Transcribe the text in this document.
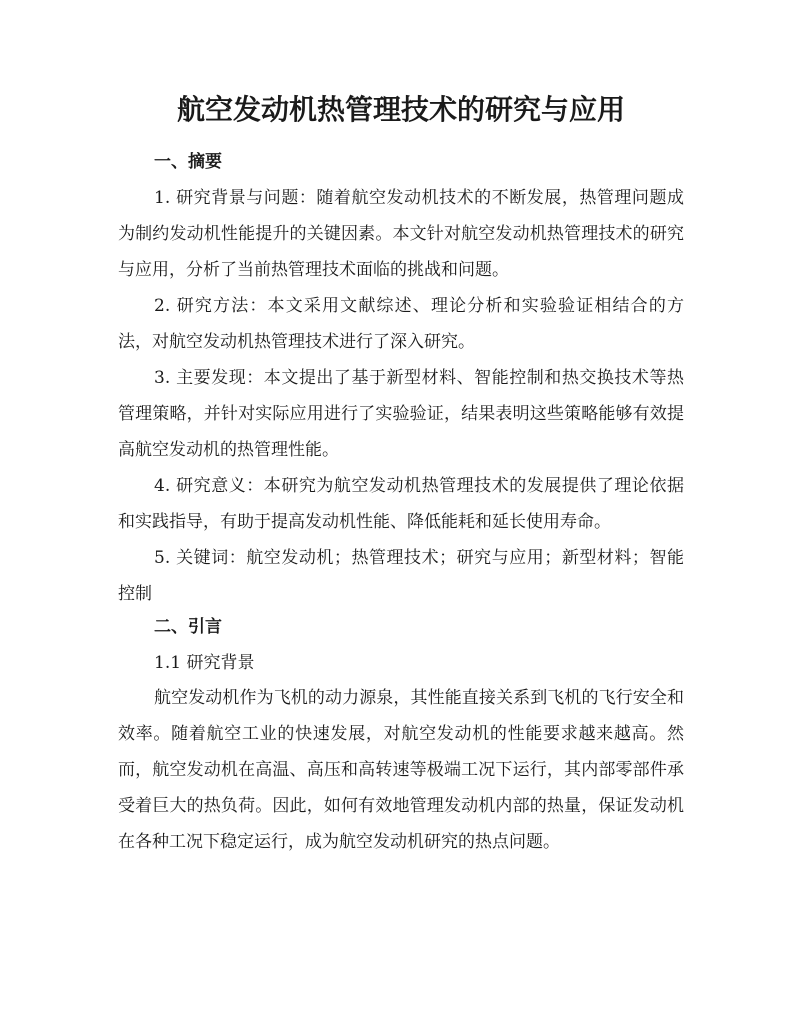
航空发动机热管理技术的研究与应用
一、摘要

1. 研究背景与问题：随着航空发动机技术的不断发展，热管理问题成为制约发动机性能提升的关键因素。本文针对航空发动机热管理技术的研究与应用，分析了当前热管理技术面临的挑战和问题。

2. 研究方法：本文采用文献综述、理论分析和实验验证相结合的方法，对航空发动机热管理技术进行了深入研究。

3. 主要发现：本文提出了基于新型材料、智能控制和热交换技术等热管理策略，并针对实际应用进行了实验验证，结果表明这些策略能够有效提高航空发动机的热管理性能。

4. 研究意义：本研究为航空发动机热管理技术的发展提供了理论依据和实践指导，有助于提高发动机性能、降低能耗和延长使用寿命。

5. 关键词：航空发动机；热管理技术；研究与应用；新型材料；智能控制

二、引言
1.1 研究背景

航空发动机作为飞机的动力源泉，其性能直接关系到飞机的飞行安全和效率。随着航空工业的快速发展，对航空发动机的性能要求越来越高。然而，航空发动机在高温、高压和高转速等极端工况下运行，其内部零部件承受着巨大的热负荷。因此，如何有效地管理发动机内部的热量，保证发动机在各种工况下稳定运行，成为航空发动机研究的热点问题。
